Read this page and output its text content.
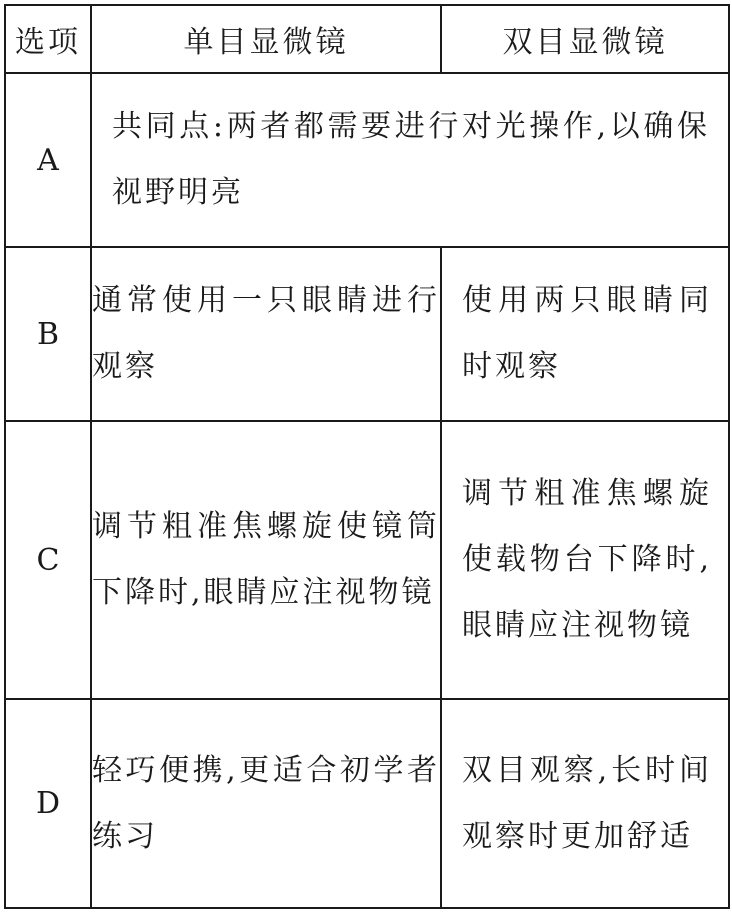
选项	单目显微镜	双目显微镜
A	共同点:两者都需要进行对光操作,以确保视野明亮	
B	通常使用一只眼睛进行观察	使用两只眼睛同时观察
C	调节粗准焦螺旋使镜筒下降时,眼睛应注视物镜	调节粗准焦螺旋使载物台下降时,眼睛应注视物镜
D	轻巧便携,更适合初学者练习	双目观察,长时间观察时更加舒适
